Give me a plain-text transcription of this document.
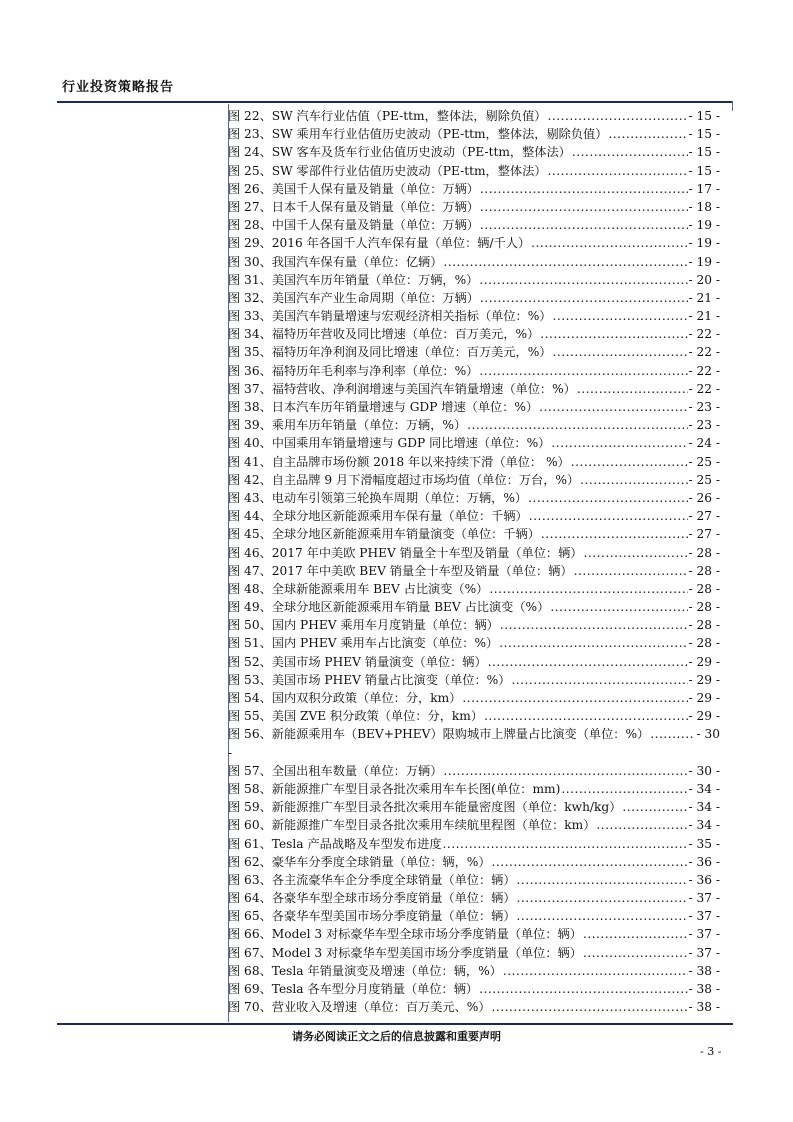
行业投资策略报告
图 22、SW 汽车行业估值（PE-ttm，整体法，剔除负值） .....	- 15 -
图 23、SW 乘用车行业估值历史波动（PE-ttm，整体法，剔除负值） .....	- 15 -
图 24、SW 客车及货车行业估值历史波动（PE-ttm，整体法） .....	- 15 -
图 25、SW 零部件行业估值历史波动（PE-ttm，整体法） .....	- 15 -
图 26、美国千人保有量及销量（单位：万辆） .....	- 17 -
图 27、日本千人保有量及销量（单位：万辆） .....	- 18 -
图 28、中国千人保有量及销量（单位：万辆） .....	- 19 -
图 29、2016 年各国千人汽车保有量（单位：辆/千人） .....	- 19 -
图 30、我国汽车保有量（单位：亿辆） .....	- 19 -
图 31、美国汽车历年销量（单位：万辆，%） .....	- 20 -
图 32、美国汽车产业生命周期（单位：万辆） .....	- 21 -
图 33、美国汽车销量增速与宏观经济相关指标（单位：%） .....	- 21 -
图 34、福特历年营收及同比增速（单位：百万美元，%） .....	- 22 -
图 35、福特历年净利润及同比增速（单位：百万美元，%） .....	- 22 -
图 36、福特历年毛利率与净利率（单位：%） .....	- 22 -
图 37、福特营收、净利润增速与美国汽车销量增速（单位：%） .....	- 22 -
图 38、日本汽车历年销量增速与 GDP 增速（单位：%） .....	- 23 -
图 39、乘用车历年销量（单位：万辆，%） .....	- 23 -
图 40、中国乘用车销量增速与 GDP 同比增速（单位：%） .....	- 24 -
图 41、自主品牌市场份额 2018 年以来持续下滑（单位： %） .....	- 25 -
图 42、自主品牌 9 月下滑幅度超过市场均值（单位：万台，%） .....	- 25 -
图 43、电动车引领第三轮换车周期（单位：万辆，%） .....	- 26 -
图 44、全球分地区新能源乘用车保有量（单位：千辆） .....	- 27 -
图 45、全球分地区新能源乘用车销量演变（单位：千辆） .....	- 27 -
图 46、2017 年中美欧 PHEV 销量全十车型及销量（单位：辆） .....	- 28 -
图 47、2017 年中美欧 BEV 销量全十车型及销量（单位：辆） .....	- 28 -
图 48、全球新能源乘用车 BEV 占比演变（%） .....	- 28 -
图 49、全球分地区新能源乘用车销量 BEV 占比演变（%） .....	- 28 -
图 50、国内 PHEV 乘用车月度销量（单位：辆） .....	- 28 -
图 51、国内 PHEV 乘用车占比演变（单位：%） .....	- 28 -
图 52、美国市场 PHEV 销量演变（单位：辆） .....	- 29 -
图 53、美国市场 PHEV 销量占比演变（单位：%） .....	- 29 -
图 54、国内双积分政策（单位：分，km） .....	- 29 -
图 55、美国 ZVE 积分政策（单位：分，km） .....	- 29 -
图 56、新能源乘用车（BEV+PHEV）限购城市上牌量占比演变（单位：%） .....	- 30
-
图 57、全国出租车数量（单位：万辆） .....	- 30 -
图 58、新能源推广车型目录各批次乘用车车长图(单位：mm) .....	- 34 -
图 59、新能源推广车型目录各批次乘用车能量密度图（单位：kwh/kg） .....	- 34 -
图 60、新能源推广车型目录各批次乘用车续航里程图（单位：km） .....	- 34 -
图 61、Tesla 产品战略及车型发布进度 .....	- 35 -
图 62、豪华车分季度全球销量（单位：辆，%） .....	- 36 -
图 63、各主流豪华车企分季度全球销量（单位：辆） .....	- 36 -
图 64、各豪华车型全球市场分季度销量（单位：辆） .....	- 37 -
图 65、各豪华车型美国市场分季度销量（单位：辆） .....	- 37 -
图 66、Model 3 对标豪华车型全球市场分季度销量（单位：辆） .....	- 37 -
图 67、Model 3 对标豪华车型美国市场分季度销量（单位：辆） .....	- 37 -
图 68、Tesla 年销量演变及增速（单位：辆，%） .....	- 38 -
图 69、Tesla 各车型分月度销量（单位：辆） .....	- 38 -
图 70、营业收入及增速（单位：百万美元、%） .....	- 38 -
请务必阅读正文之后的信息披露和重要声明
- 3 -
